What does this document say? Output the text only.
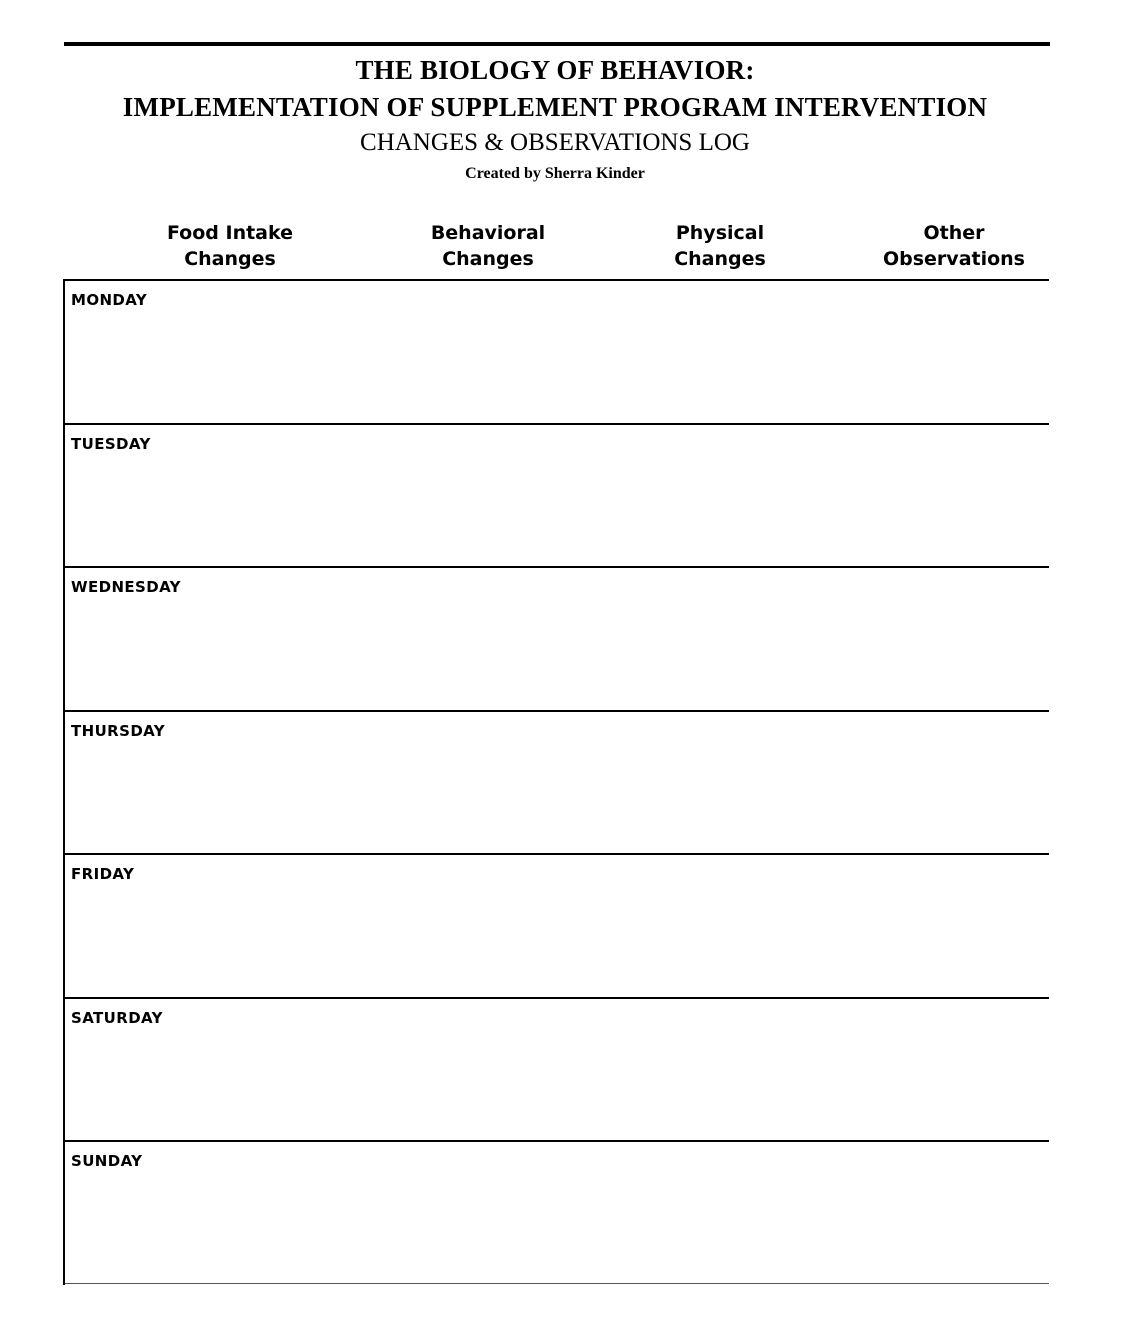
THE BIOLOGY OF BEHAVIOR:
IMPLEMENTATION OF SUPPLEMENT PROGRAM INTERVENTION
CHANGES & OBSERVATIONS LOG
Created by Sherra Kinder
Food Intake
Changes
Behavioral
Changes
Physical
Changes
Other
Observations
MONDAY
TUESDAY
WEDNESDAY
THURSDAY
FRIDAY
SATURDAY
SUNDAY
